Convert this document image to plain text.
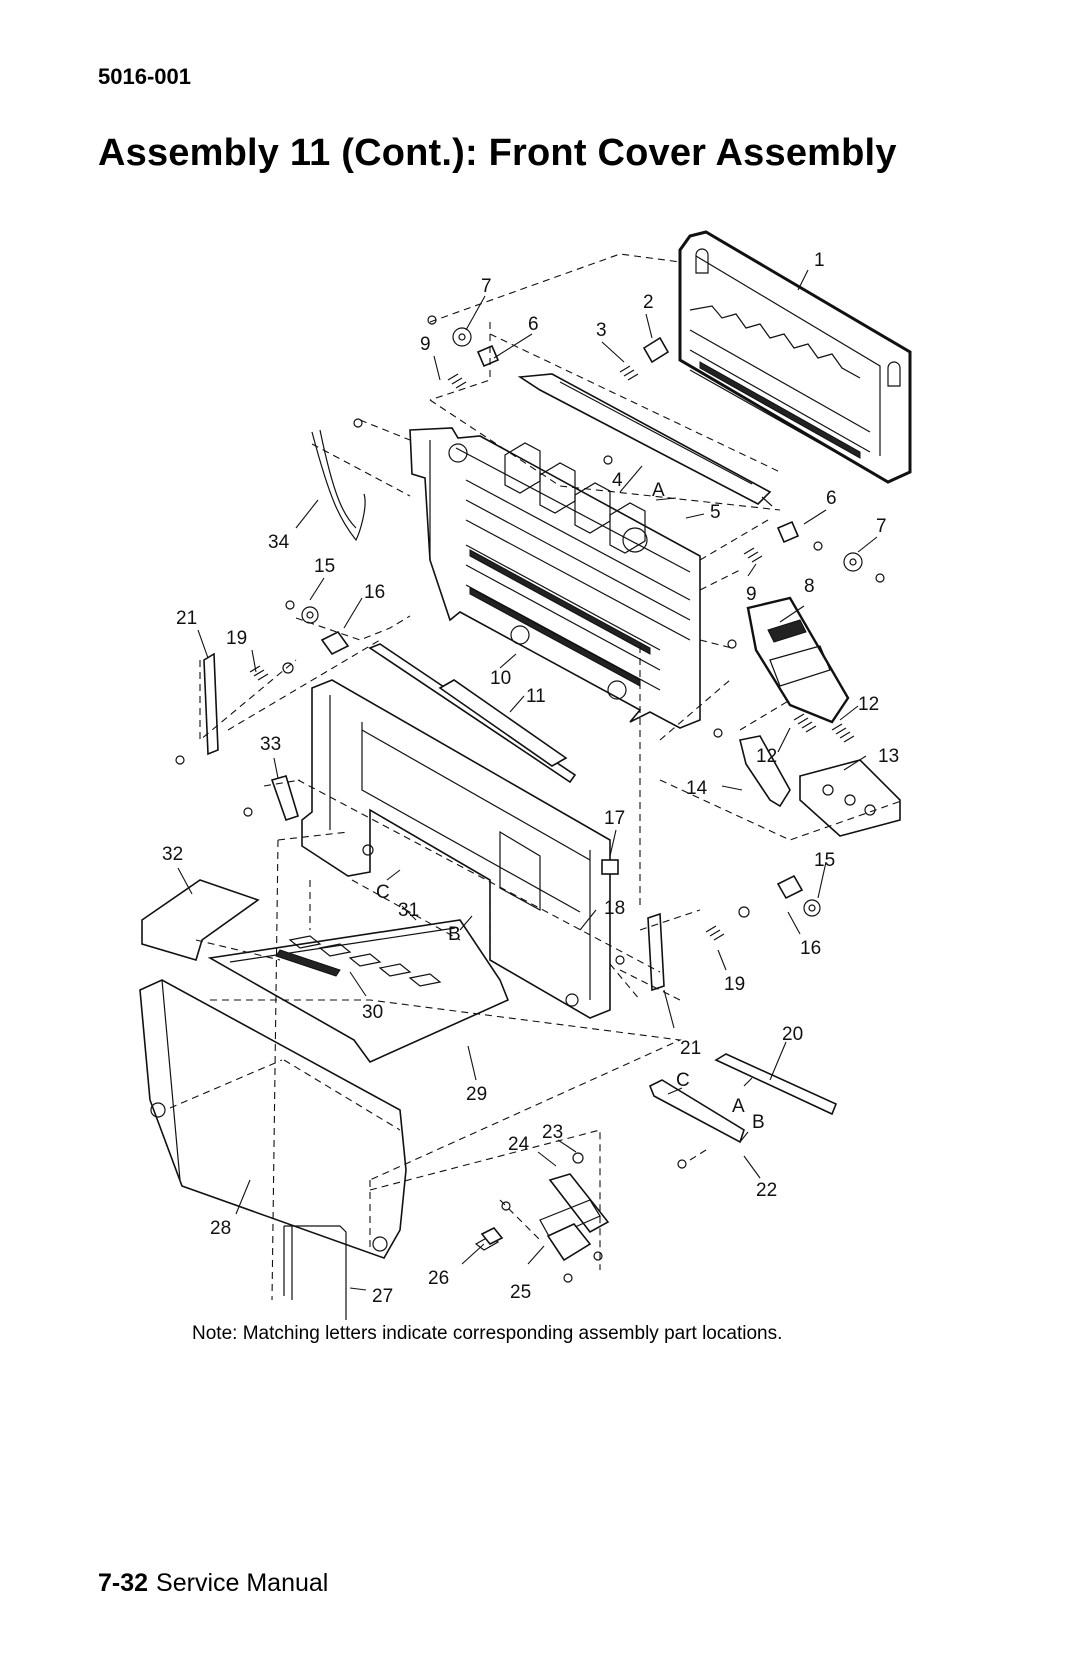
5016-001
Assembly 11 (Cont.): Front Cover Assembly
1
7
2
6	3
9
4 A
5
6
7
34
15
16	9 8
21
19
10
11	12
12	13
33
14
17
15
32
C
31
B
18
16
19
30
21
20
C
29
A
B
24
23
22
28
26
25
27
Note: Matching letters indicate corresponding assembly part locations.
7-32 Service Manual
